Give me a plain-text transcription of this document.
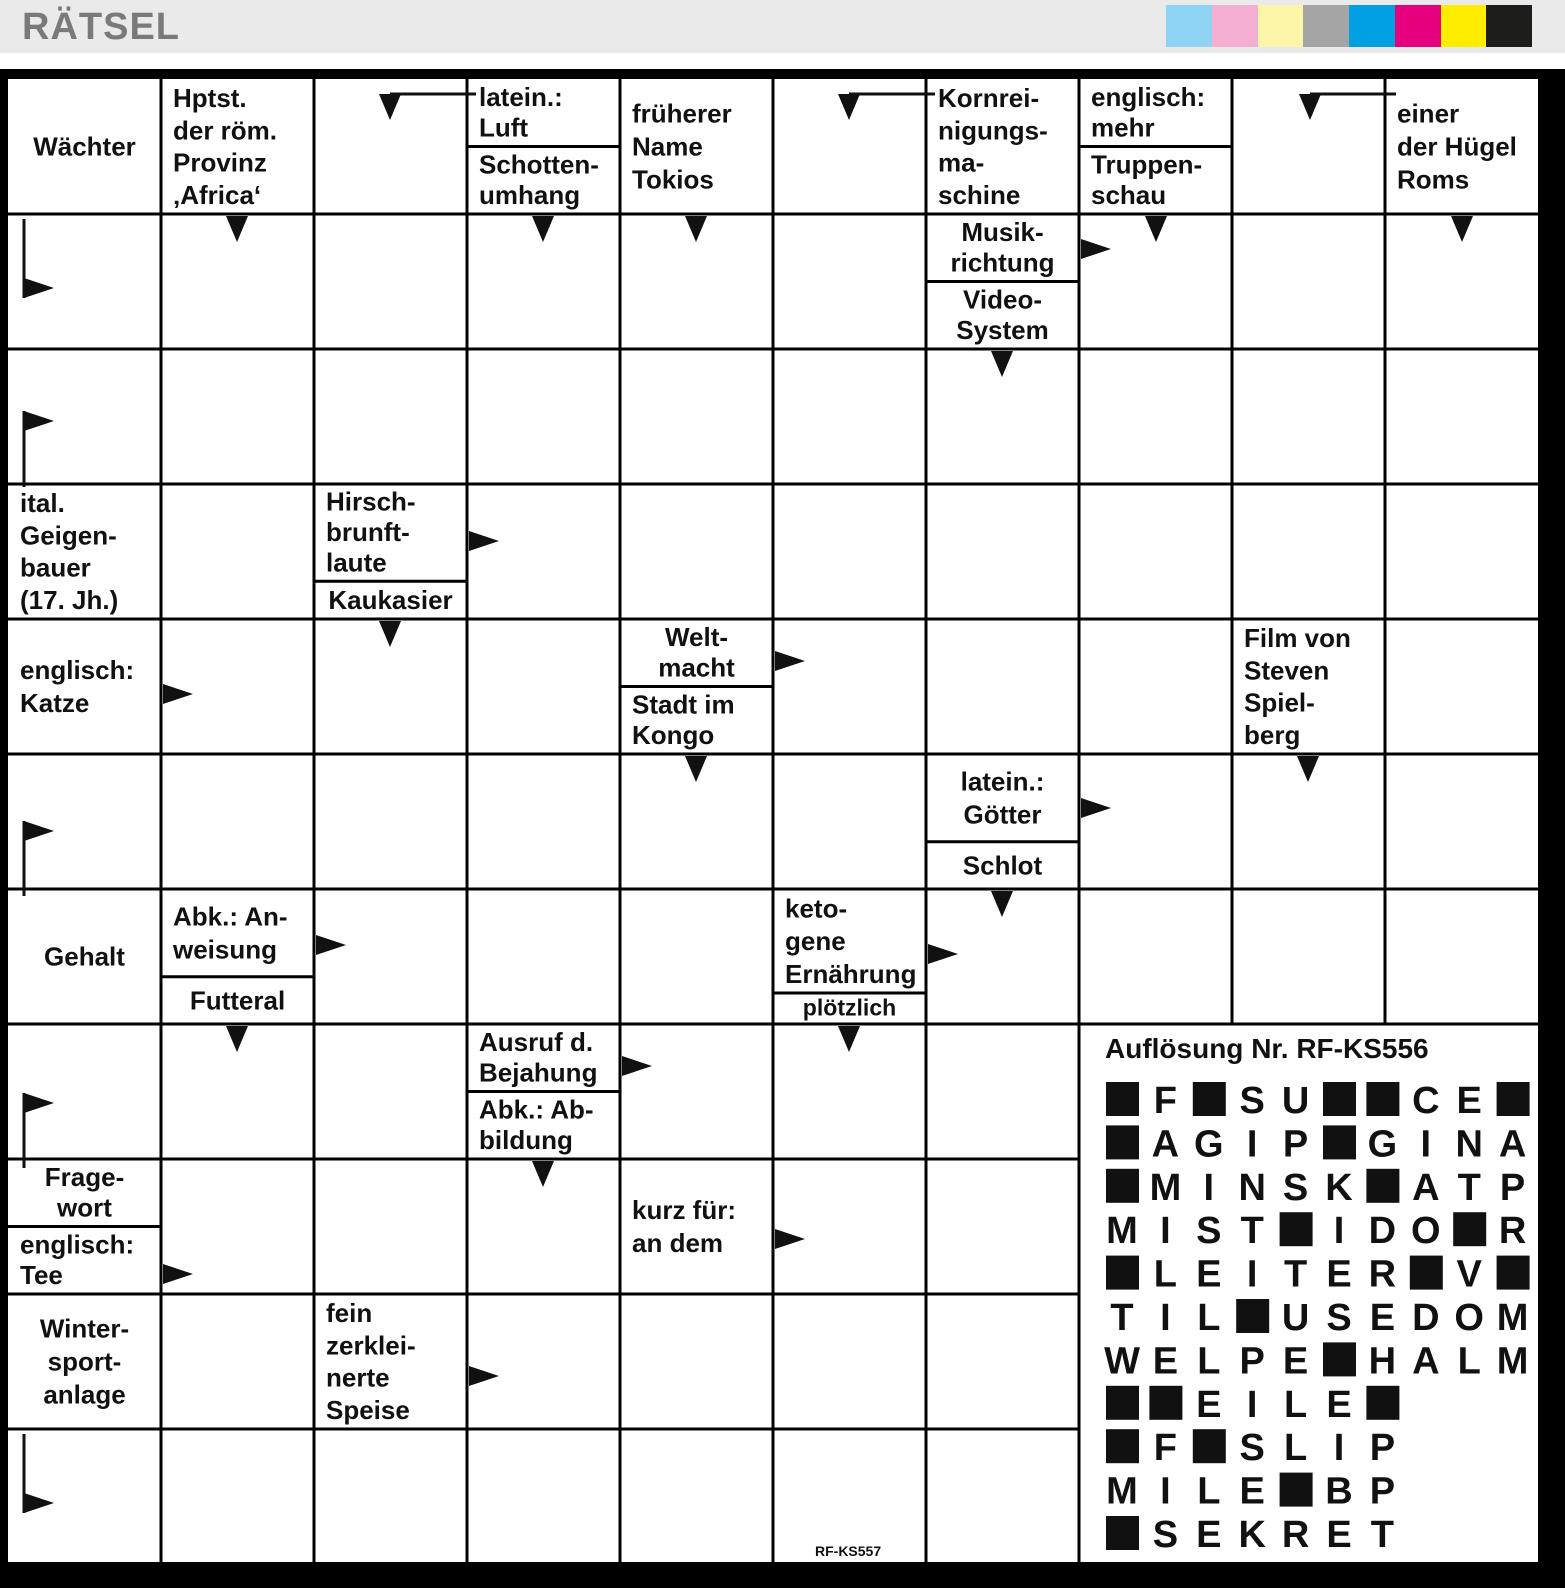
RÄTSEL
Wächter
Hptst.
der röm.
Provinz
‚Africa‘
latein.:
Luft
Schotten-
umhang
früherer
Name
Tokios
Kornrei-
nigungs-
ma-
schine
englisch:
mehr
Truppen-
schau
einer
der Hügel
Roms
Musik-
richtung
Video-
System
ital.
Geigen-
bauer
(17. Jh.)
Hirsch-
brunft-
laute
Kaukasier
englisch:
Katze
Welt-
macht
Stadt im
Kongo
Film von
Steven
Spiel-
berg
latein.:
Götter
Schlot
Gehalt
Abk.: An-
weisung
Futteral
keto-
gene
Ernährung
plötzlich
Ausruf d.
Bejahung
Abk.: Ab-
bildung
Frage-
wort
englisch:
Tee
kurz für:
an dem
Winter-
sport-
anlage
fein
zerklei-
nerte
Speise
Auflösung Nr. RF-KS556
F S U	C E
A G I P G I N A
M I N S K A T P
M I S T I D O R
L E I T E R V
T I L U S E D O M
W E L P E H A L M
E I L E
F S L I P
M I L E B P
S E K R E T
RF-KS557
